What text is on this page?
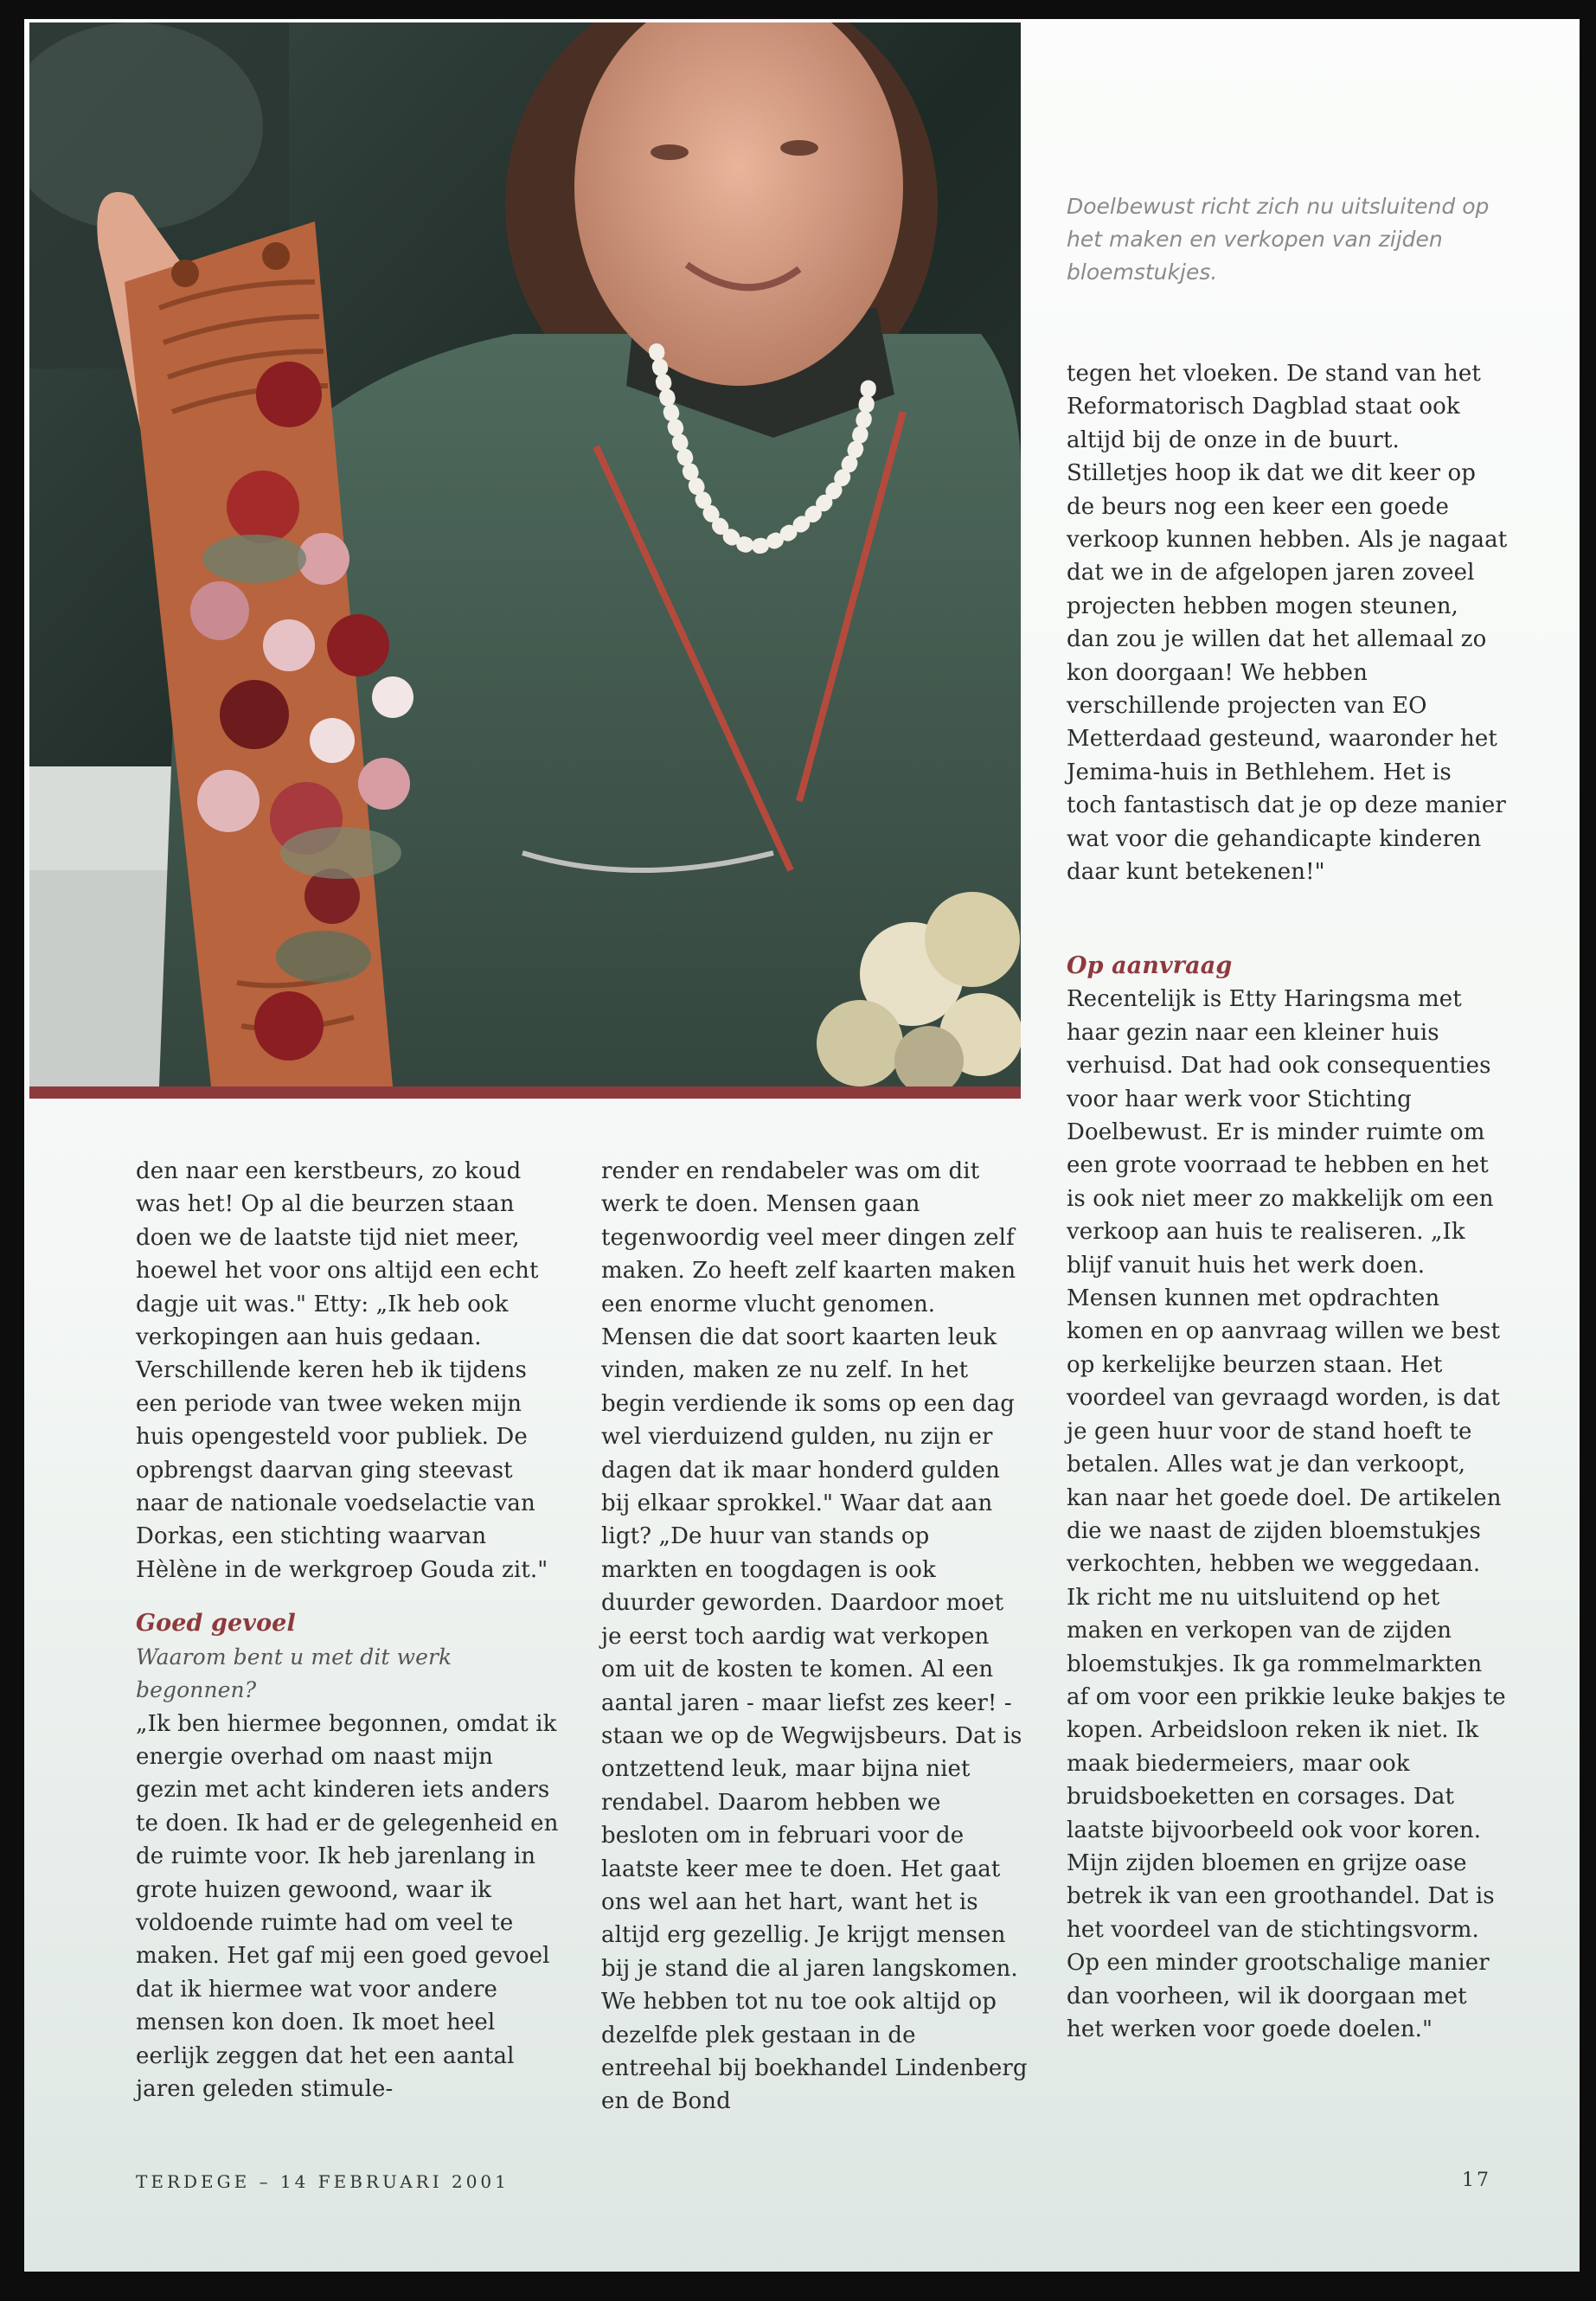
Doelbewust richt zich nu uitsluitend op het maken en verkopen van zijden bloemstukjes.

tegen het vloeken. De stand van het Reformatorisch Dagblad staat ook altijd bij de onze in de buurt. Stilletjes hoop ik dat we dit keer op de beurs nog een keer een goede verkoop kunnen hebben. Als je nagaat dat we in de afgelopen jaren zoveel projecten hebben mogen steunen, dan zou je willen dat het allemaal zo kon doorgaan! We hebben verschillende projecten van EO Metterdaad gesteund, waaronder het Jemima-huis in Bethlehem. Het is toch fantastisch dat je op deze manier wat voor die gehandicapte kinderen daar kunt betekenen!"

Op aanvraag

Recentelijk is Etty Haringsma met haar gezin naar een kleiner huis verhuisd. Dat had ook consequenties voor haar werk voor Stichting Doelbewust. Er is minder ruimte om een grote voorraad te hebben en het is ook niet meer zo makkelijk om een verkoop aan huis te realiseren. „Ik blijf vanuit huis het werk doen. Mensen kunnen met opdrachten komen en op aanvraag willen we best op kerkelijke beurzen staan. Het voordeel van gevraagd worden, is dat je geen huur voor de stand hoeft te betalen. Alles wat je dan verkoopt, kan naar het goede doel. De artikelen die we naast de zijden bloemstukjes verkochten, hebben we weggedaan. Ik richt me nu uitsluitend op het maken en verkopen van de zijden bloemstukjes. Ik ga rommelmarkten af om voor een prikkie leuke bakjes te kopen. Arbeidsloon reken ik niet. Ik maak biedermeiers, maar ook bruidsboeketten en corsages. Dat laatste bijvoorbeeld ook voor koren. Mijn zijden bloemen en grijze oase betrek ik van een groothandel. Dat is het voordeel van de stichtingsvorm. Op een minder grootschalige manier dan voorheen, wil ik doorgaan met het werken voor goede doelen."

den naar een kerstbeurs, zo koud was het! Op al die beurzen staan doen we de laatste tijd niet meer, hoewel het voor ons altijd een echt dagje uit was." Etty: „Ik heb ook verkopingen aan huis gedaan. Verschillende keren heb ik tijdens een periode van twee weken mijn huis opengesteld voor publiek. De opbrengst daarvan ging steevast naar de nationale voedselactie van Dorkas, een stichting waarvan Hèlène in de werkgroep Gouda zit."

Goed gevoel

Waarom bent u met dit werk begonnen?

„Ik ben hiermee begonnen, omdat ik energie overhad om naast mijn gezin met acht kinderen iets anders te doen. Ik had er de gelegenheid en de ruimte voor. Ik heb jarenlang in grote huizen gewoond, waar ik voldoende ruimte had om veel te maken. Het gaf mij een goed gevoel dat ik hiermee wat voor andere mensen kon doen. Ik moet heel eerlijk zeggen dat het een aantal jaren geleden stimule-

render en rendabeler was om dit werk te doen. Mensen gaan tegenwoordig veel meer dingen zelf maken. Zo heeft zelf kaarten maken een enorme vlucht genomen. Mensen die dat soort kaarten leuk vinden, maken ze nu zelf. In het begin verdiende ik soms op een dag wel vierduizend gulden, nu zijn er dagen dat ik maar honderd gulden bij elkaar sprokkel." Waar dat aan ligt? „De huur van stands op markten en toogdagen is ook duurder geworden. Daardoor moet je eerst toch aardig wat verkopen om uit de kosten te komen. Al een aantal jaren - maar liefst zes keer! - staan we op de Wegwijsbeurs. Dat is ontzettend leuk, maar bijna niet rendabel. Daarom hebben we besloten om in februari voor de laatste keer mee te doen. Het gaat ons wel aan het hart, want het is altijd erg gezellig. Je krijgt mensen bij je stand die al jaren langskomen. We hebben tot nu toe ook altijd op dezelfde plek gestaan in de entreehal bij boekhandel Lindenberg en de Bond

TERDEGE – 14 FEBRUARI 2001	17
